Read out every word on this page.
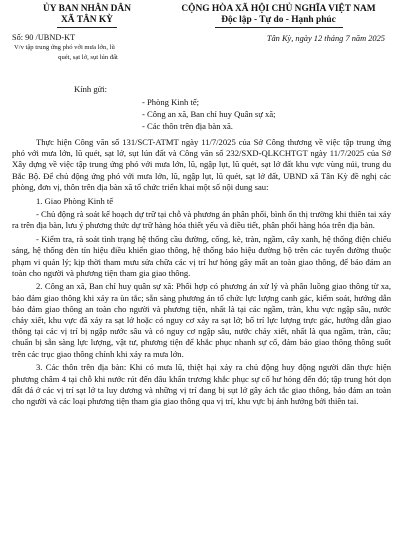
ỦY BAN NHÂN DÂN
XÃ TÂN KỲ
Số: 90 /UBND-KT
V/v tập trung ứng phó với mưa lớn, lũ
quét, sạt lở, sụt lún đất
CỘNG HÒA XÃ HỘI CHỦ NGHĨA VIỆT NAM
Độc lập - Tự do - Hạnh phúc
Tân Kỳ, ngày 12 tháng 7 năm 2025
Kính gửi:
- Phòng Kinh tế;
- Công an xã, Ban chỉ huy Quân sự xã;
- Các thôn trên địa bàn xã.

Thực hiện Công văn số 131/SCT-ATMT ngày 11/7/2025 của Sở Công thương về việc tập trung ứng phó với mưa lớn, lũ quét, sạt lở, sụt lún đất và Công văn số 232/SXD-QLKCHTGT ngày 11/7/2025 của Sở Xây dựng về việc tập trung ứng phó với mưa lớn, lũ, ngập lụt, lũ quét, sạt lở đất khu vực vùng núi, trung du Bắc Bộ. Để chủ động ứng phó với mưa lớn, lũ, ngập lụt, lũ quét, sạt lở đất, UBND xã Tân Kỳ đề nghị các phòng, đơn vị, thôn trên địa bàn xã tổ chức triển khai một số nội dung sau:

1. Giao Phòng Kinh tế

- Chủ động rà soát kế hoạch dự trữ tại chỗ và phương án phân phối, bình ổn thị trường khi thiên tai xảy ra trên địa bàn, lưu ý phương thức dự trữ hàng hóa thiết yếu và điều tiết, phân phối hàng hóa trên địa bàn.

- Kiểm tra, rà soát tình trạng hệ thống cầu đường, cống, kè, tràn, ngầm, cây xanh, hệ thống điện chiếu sáng, hệ thống đèn tín hiệu điều khiển giao thông, hệ thống báo hiệu đường bộ trên các tuyến đường thuộc phạm vi quản lý; kịp thời tham mưu sửa chữa các vị trí hư hỏng gây mất an toàn giao thông, để bảo đảm an toàn cho người và phương tiện tham gia giao thông.

2. Công an xã, Ban chỉ huy quân sự xã: Phối hợp có phương án xử lý và phân luồng giao thông từ xa, bảo đảm giao thông khi xảy ra ùn tắc; sẵn sàng phương án tổ chức lực lượng canh gác, kiểm soát, hướng dẫn bảo đảm giao thông an toàn cho người và phương tiện, nhất là tại các ngầm, tràn, khu vực ngập sâu, nước chảy xiết, khu vực đã xảy ra sạt lở hoặc có nguy cơ xảy ra sạt lở; bố trí lực lượng trực gác, hướng dẫn giao thông tại các vị trí bị ngập nước sâu và có nguy cơ ngập sâu, nước chảy xiết, nhất là qua ngầm, tràn, cầu; chuẩn bị sẵn sàng lực lượng, vật tư, phương tiện để khắc phục nhanh sự cố, đảm bảo giao thông thông suốt trên các trục giao thông chính khi xảy ra mưa lớn.

3. Các thôn trên địa bàn: Khi có mưa lũ, thiệt hại xảy ra chủ động huy động người dân thực hiện phương châm 4 tại chỗ khi nước rút đến đâu khẩn trương khắc phục sự cố hư hỏng đến đó; tập trung hót dọn đất đá ở các vị trí sạt lở ta luy dương và những vị trí đang bị sụt lở gây ách tắc giao thông, bảo đảm an toàn cho người và các loại phương tiện tham gia giao thông qua vị trí, khu vực bị ảnh hưởng bởi thiên tai.
